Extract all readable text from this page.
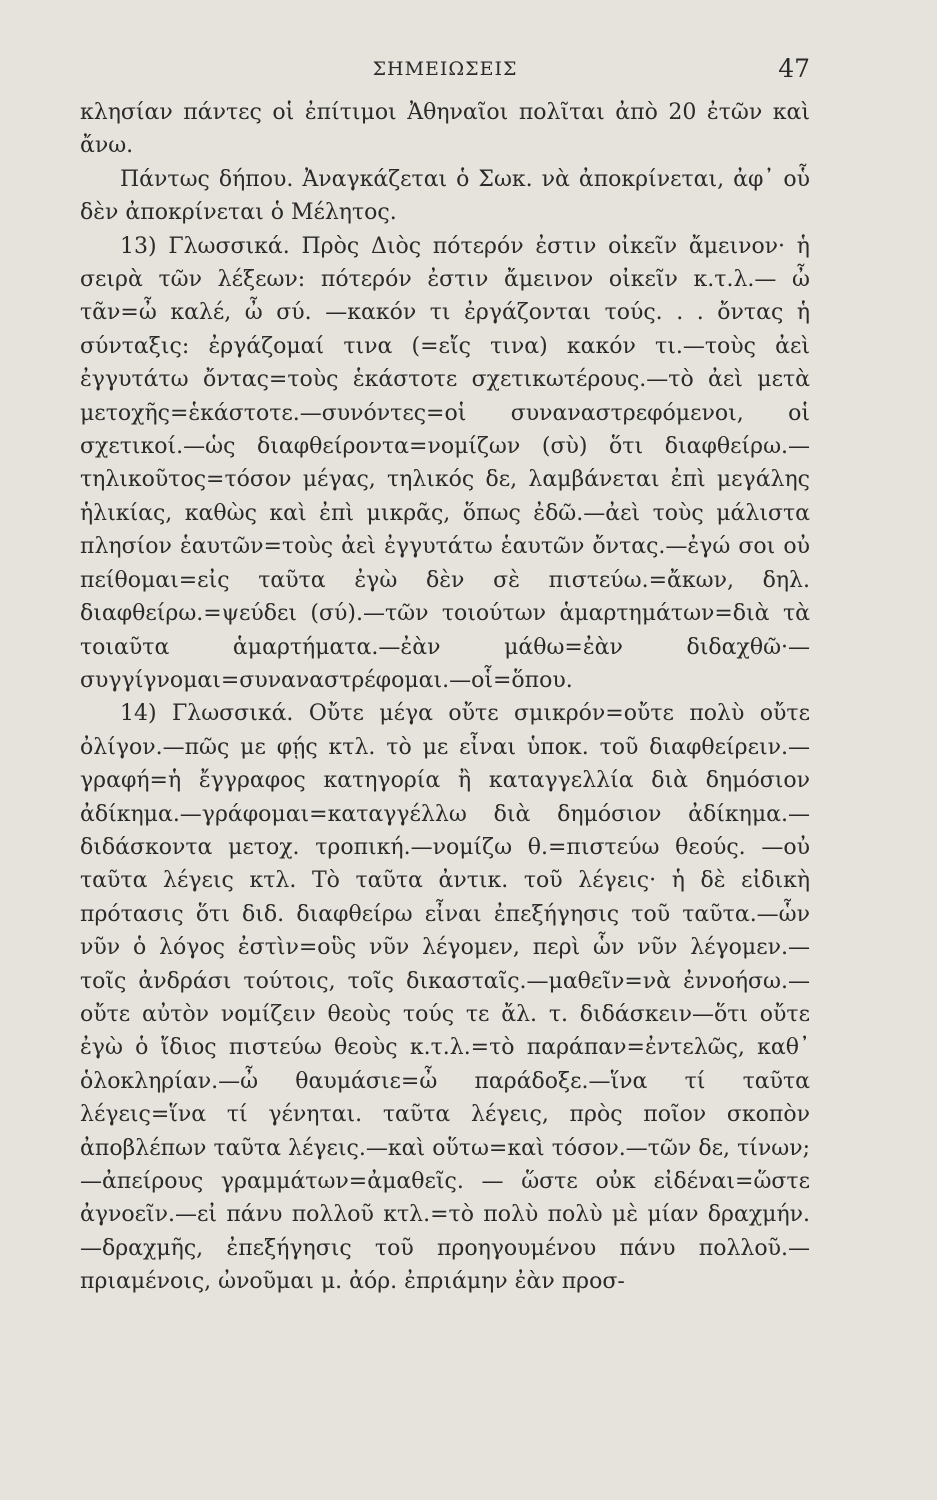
ΣΗΜΕΙΩΣΕΙΣ	47

κλησίαν πάντες οἱ ἐπίτιμοι Ἀθηναῖοι πολῖται ἀπὸ 20 ἐτῶν καὶ ἄνω.

Πάντως δήπου. Ἀναγκάζεται ὁ Σωκ. νὰ ἀποκρίνεται, ἀφ᾽ οὗ δὲν ἀποκρίνεται ὁ Μέλητος.

13) Γλωσσικά. Πρὸς Διὸς πότερόν ἐστιν οἰκεῖν ἄμεινον· ἡ σειρὰ τῶν λέξεων: πότερόν ἐστιν ἄμεινον οἰκεῖν κ.τ.λ.— ὦ τᾶν=ὦ καλέ, ὦ σύ. —κακόν τι ἐργάζονται τούς. . . ὄντας ἡ σύνταξις: ἐργάζομαί τινα (=εἴς τινα) κακόν τι.—τοὺς ἀεὶ ἐγγυτάτω ὄντας=τοὺς ἑκάστοτε σχετικωτέρους.—τὸ ἀεὶ μετὰ μετοχῆς=ἑκάστοτε.—συνόντες=οἱ συναναστρεφόμενοι, οἱ σχετικοί.—ὡς διαφθείροντα=νομίζων (σὺ) ὅτι διαφθείρω.—τηλικοῦτος=τόσον μέγας, τηλικός δε, λαμβάνεται ἐπὶ μεγάλης ἡλικίας, καθὼς καὶ ἐπὶ μικρᾶς, ὅπως ἐδῶ.—ἀεὶ τοὺς μάλιστα πλησίον ἑαυτῶν=τοὺς ἀεὶ ἐγγυτάτω ἑαυτῶν ὄντας.—ἐγώ σοι οὐ πείθομαι=εἰς ταῦτα ἐγὼ δὲν σὲ πιστεύω.=ἄκων, δηλ. διαφθείρω.=ψεύδει (σύ).—τῶν τοιούτων ἁμαρτημάτων=διὰ τὰ τοιαῦτα ἁμαρτήματα.—ἐὰν μάθω=ἐὰν διδαχθῶ·—συγγίγνομαι=συναναστρέφομαι.—οἷ=ὅπου.

14) Γλωσσικά. Οὔτε μέγα οὔτε σμικρόν=οὔτε πολὺ οὔτε ὀλίγον.—πῶς με φῄς κτλ. τὸ με εἶναι ὑποκ. τοῦ διαφθείρειν.—γραφή=ἡ ἔγγραφος κατηγορία ἢ καταγγελλία διὰ δημόσιον ἀδίκημα.—γράφομαι=καταγγέλλω διὰ δημόσιον ἀδίκημα.—διδάσκοντα μετοχ. τροπική.—νομίζω θ.=πιστεύω θεούς. —οὐ ταῦτα λέγεις κτλ. Τὸ ταῦτα ἀντικ. τοῦ λέγεις· ἡ δὲ εἰδικὴ πρότασις ὅτι διδ. διαφθείρω εἶναι ἐπεξήγησις τοῦ ταῦτα.—ὧν νῦν ὁ λόγος ἐστὶν=οὓς νῦν λέγομεν, περὶ ὧν νῦν λέγομεν.— τοῖς ἀνδράσι τούτοις, τοῖς δικασταῖς.—μαθεῖν=νὰ ἐννοήσω.— οὔτε αὐτὸν νομίζειν θεοὺς τούς τε ἄλ. τ. διδάσκειν—ὅτι οὔτε ἐγὼ ὁ ἴδιος πιστεύω θεοὺς κ.τ.λ.=τὸ παράπαν=ἐντελῶς, καθ᾽ ὁλοκληρίαν.—ὦ θαυμάσιε=ὦ παράδοξε.—ἵνα τί ταῦτα λέγεις=ἵνα τί γένηται. ταῦτα λέγεις, πρὸς ποῖον σκοπὸν ἀποβλέπων ταῦτα λέγεις.—καὶ οὕτω=καὶ τόσον.—τῶν δε, τίνων;—ἀπείρους γραμμάτων=ἀμαθεῖς. — ὥστε οὐκ εἰδέναι=ὥστε ἀγνοεῖν.—εἰ πάνυ πολλοῦ κτλ.=τὸ πολὺ πολὺ μὲ μίαν δραχμήν.—δραχμῆς, ἐπεξήγησις τοῦ προηγουμένου πάνυ πολλοῦ.—πριαμένοις, ὠνοῦμαι μ. ἀόρ. ἐπριάμην ἐὰν προσ-
